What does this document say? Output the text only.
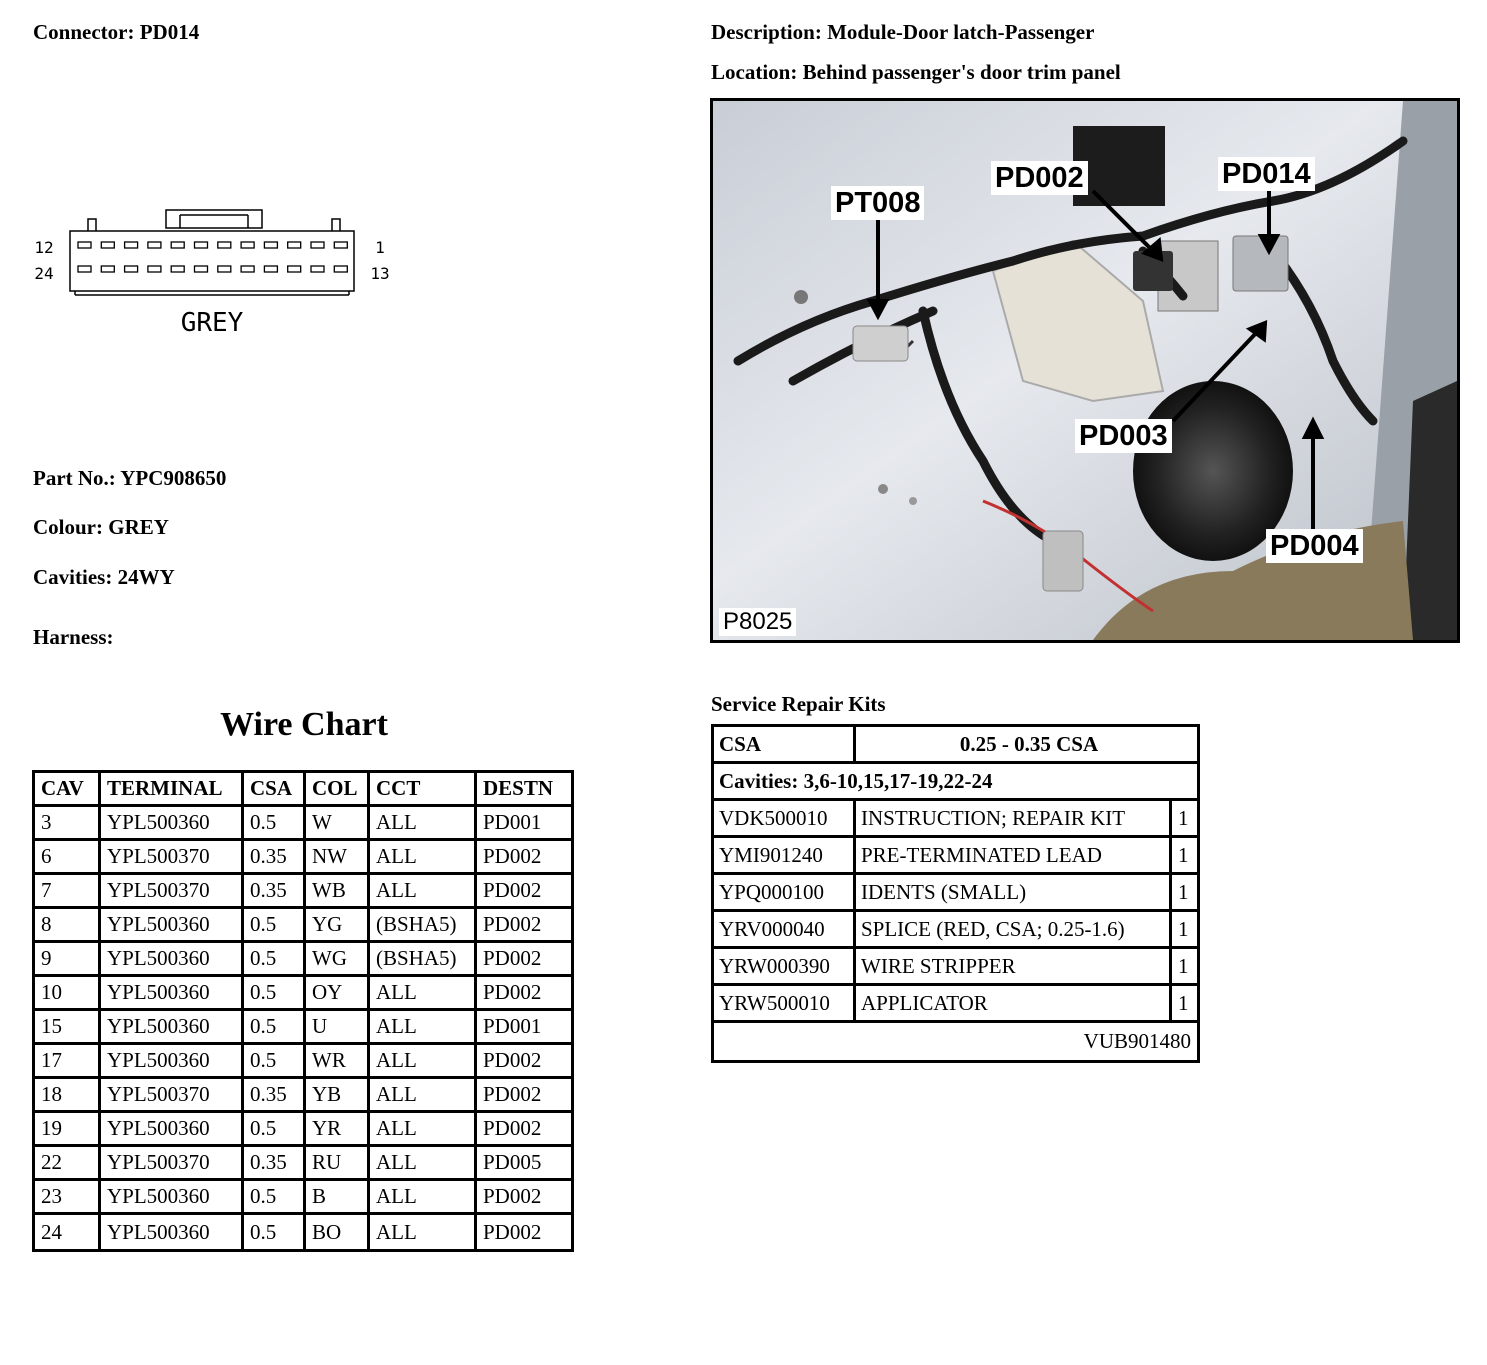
Connector: PD014	Description: Module-Door latch-Passenger
Location: Behind passenger's door trim panel
12	1
24	13
GREY
Part No.: YPC908650
Colour: GREY
Cavities: 24WY
Harness:
PT008
PD002	PD014
PD003
PD004
P8025
Wire Chart
CAV	TERMINAL	CSA	COL	CCT	DESTN
3	YPL500360	0.5	W	ALL	PD001
6	YPL500370	0.35	NW	ALL	PD002
7	YPL500370	0.35	WB	ALL	PD002
8	YPL500360	0.5	YG	(BSHA5)	PD002
9	YPL500360	0.5	WG	(BSHA5)	PD002
10	YPL500360	0.5	OY	ALL	PD002
15	YPL500360	0.5	U	ALL	PD001
17	YPL500360	0.5	WR	ALL	PD002
18	YPL500370	0.35	YB	ALL	PD002
19	YPL500360	0.5	YR	ALL	PD002
22	YPL500370	0.35	RU	ALL	PD005
23	YPL500360	0.5	B	ALL	PD002
24	YPL500360	0.5	BO	ALL	PD002
Service Repair Kits
CSA	0.25 - 0.35 CSA	
Cavities: 3,6-10,15,17-19,22-24		
VDK500010	INSTRUCTION; REPAIR KIT	1
YMI901240	PRE-TERMINATED LEAD	1
YPQ000100	IDENTS (SMALL)	1
YRV000040	SPLICE (RED, CSA; 0.25-1.6)	1
YRW000390	WIRE STRIPPER	1
YRW500010	APPLICATOR	1
VUB901480		
